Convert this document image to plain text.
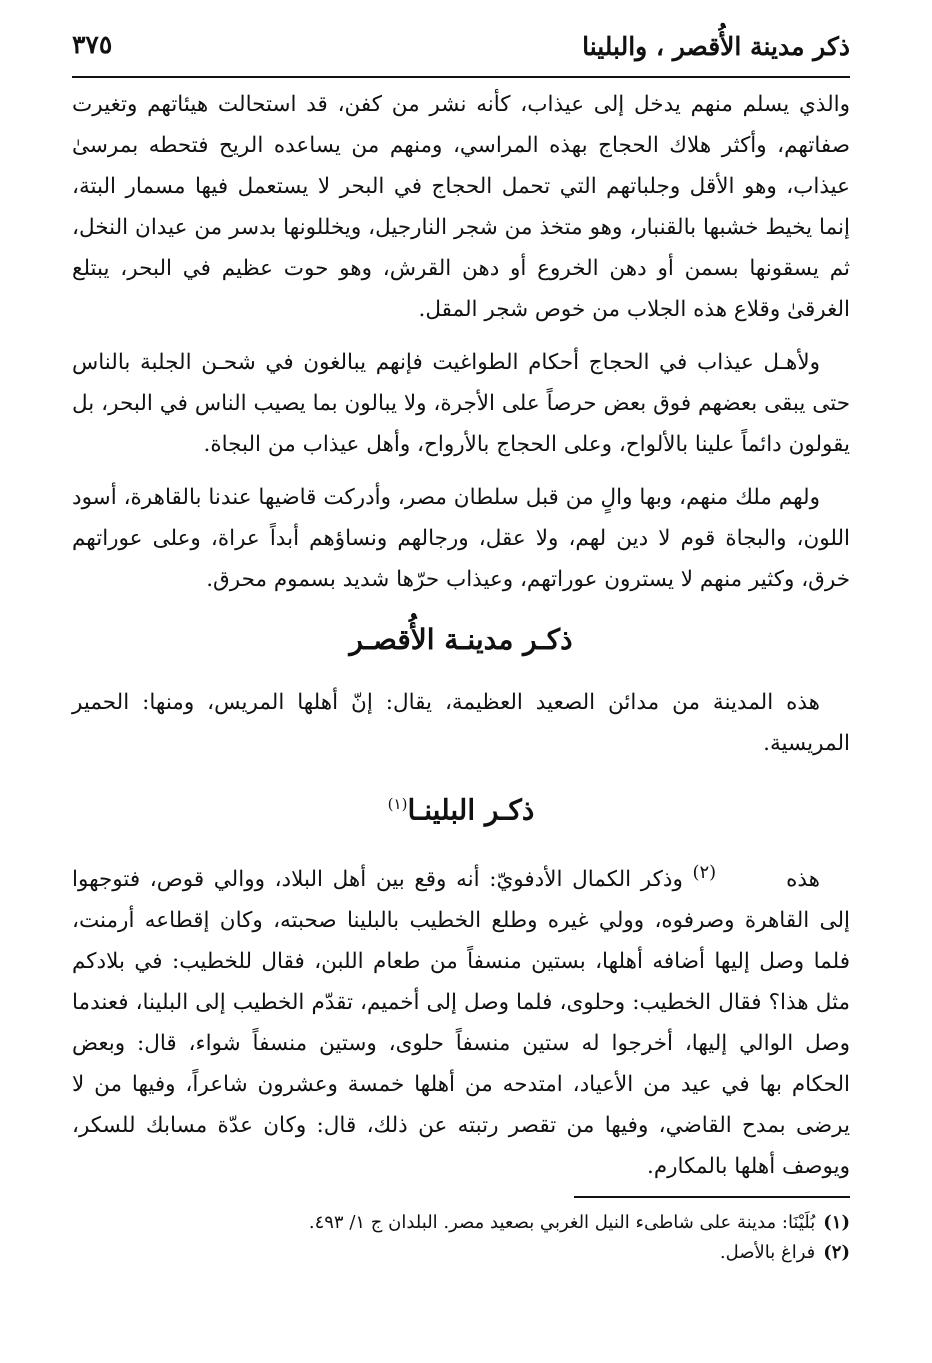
ذكر مدينة الأُقصر ، والبلينا
٣٧٥

والذي يسلم منهم يدخل إلى عيذاب، كأنه نشر من كفن، قد استحالت هيئاتهم وتغيرت صفاتهم، وأكثر هلاك الحجاج بهذه المراسي، ومنهم من يساعده الريح فتحطه بمرسىٰ عيذاب، وهو الأقل وجلباتهم التي تحمل الحجاج في البحر لا يستعمل فيها مسمار البتة، إنما يخيط خشبها بالقنبار، وهو متخذ من شجر النارجيل، ويخللونها بدسر من عيدان النخل، ثم يسقونها بسمن أو دهن الخروع أو دهن القرش، وهو حوت عظيم في البحر، يبتلع الغرقىٰ وقلاع هذه الجلاب من خوص شجر المقل.

ولأهـل عيذاب في الحجاج أحكام الطواغيت فإنهم يبالغون في شحـن الجلبة بالناس حتى يبقى بعضهم فوق بعض حرصاً على الأجرة، ولا يبالون بما يصيب الناس في البحر، بل يقولون دائماً علينا بالألواح، وعلى الحجاج بالأرواح، وأهل عيذاب من البجاة.

ولهم ملك منهم، وبها والٍ من قبل سلطان مصر، وأدركت قاضيها عندنا بالقاهرة، أسود اللون، والبجاة قوم لا دين لهم، ولا عقل، ورجالهم ونساؤهم أبداً عراة، وعلى عوراتهم خرق، وكثير منهم لا يسترون عوراتهم، وعيذاب حرّها شديد بسموم محرق.

ذكـر مدينـة الأُقصـر

هذه المدينة من مدائن الصعيد العظيمة، يقال: إنّ أهلها المريس، ومنها: الحمير المريسية.

ذكـر البلينـا$^{(١)}$

هذه$^{(٢)}$ وذكر الكمال الأدفويّ: أنه وقع بين أهل البلاد، ووالي قوص، فتوجهوا إلى القاهرة وصرفوه، وولي غيره وطلع الخطيب بالبلينا صحبته، وكان إقطاعه أرمنت، فلما وصل إليها أضافه أهلها، بستين منسفاً من طعام اللبن، فقال للخطيب: في بلادكم مثل هذا؟ فقال الخطيب: وحلوى، فلما وصل إلى أخميم، تقدّم الخطيب إلى البلينا، فعندما وصل الوالي إليها، أخرجوا له ستين منسفاً حلوى، وستين منسفاً شواء، قال: وبعض الحكام بها في عيد من الأعياد، امتدحه من أهلها خمسة وعشرون شاعراً، وفيها من لا يرضى بمدح القاضي، وفيها من تقصر رتبته عن ذلك، قال: وكان عدّة مسابك للسكر، ويوصف أهلها بالمكارم.

(١)بُلَيْنَا: مدينة على شاطىء النيل الغربي بصعيد مصر. البلدان ج ١/ ٤٩٣.

(٢)فراغ بالأصل.
